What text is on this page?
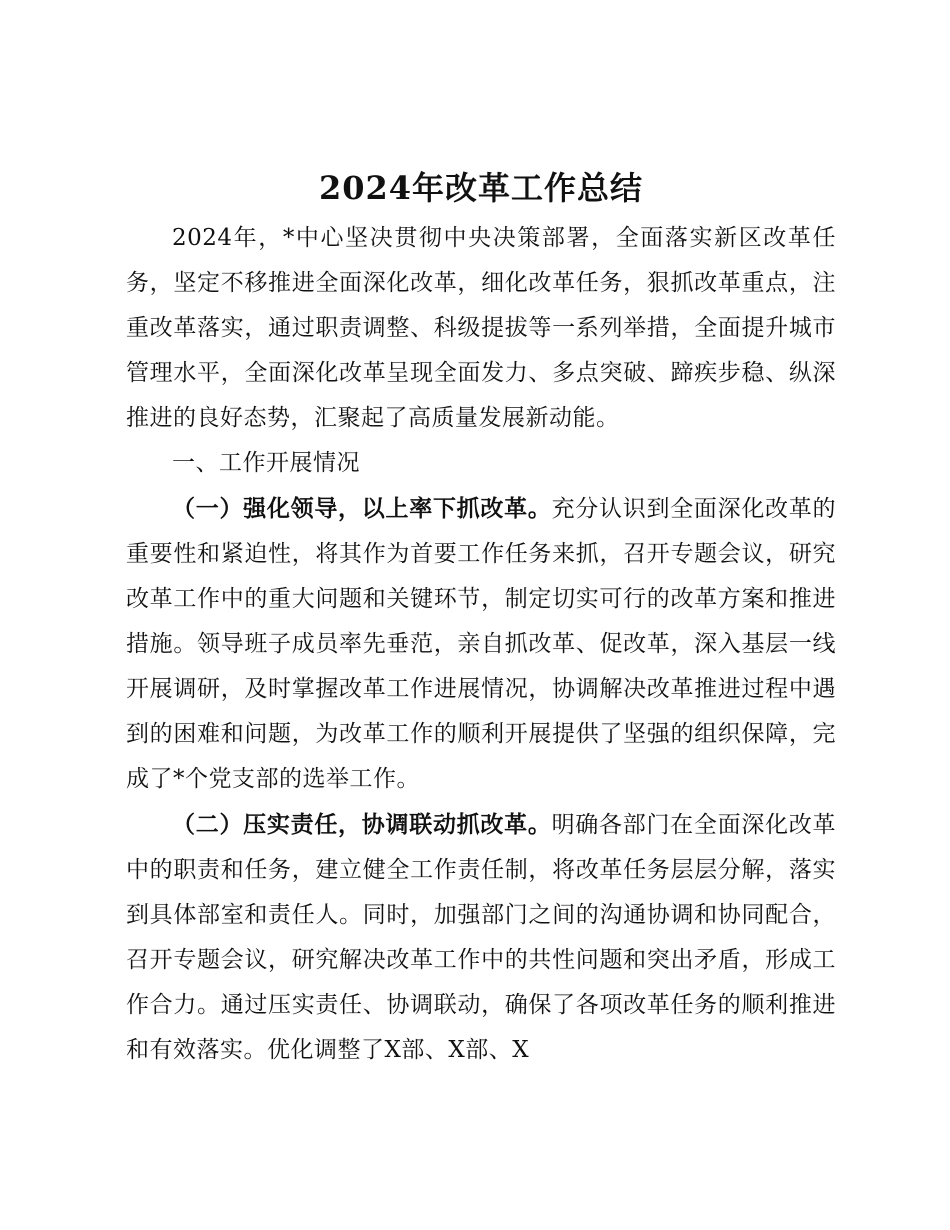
2024年改革工作总结

2024年，*中心坚决贯彻中央决策部署，全面落实新区改革任务，坚定不移推进全面深化改革，细化改革任务，狠抓改革重点，注重改革落实，通过职责调整、科级提拔等一系列举措，全面提升城市管理水平，全面深化改革呈现全面发力、多点突破、蹄疾步稳、纵深推进的良好态势，汇聚起了高质量发展新动能。

一、工作开展情况

（一）强化领导，以上率下抓改革。充分认识到全面深化改革的重要性和紧迫性，将其作为首要工作任务来抓，召开专题会议，研究改革工作中的重大问题和关键环节，制定切实可行的改革方案和推进措施。领导班子成员率先垂范，亲自抓改革、促改革，深入基层一线开展调研，及时掌握改革工作进展情况，协调解决改革推进过程中遇到的困难和问题，为改革工作的顺利开展提供了坚强的组织保障，完成了*个党支部的选举工作。

（二）压实责任，协调联动抓改革。明确各部门在全面深化改革中的职责和任务，建立健全工作责任制，将改革任务层层分解，落实到具体部室和责任人。同时，加强部门之间的沟通协调和协同配合，召开专题会议，研究解决改革工作中的共性问题和突出矛盾，形成工作合力。通过压实责任、协调联动，确保了各项改革任务的顺利推进和有效落实。优化调整了X部、X部、X
